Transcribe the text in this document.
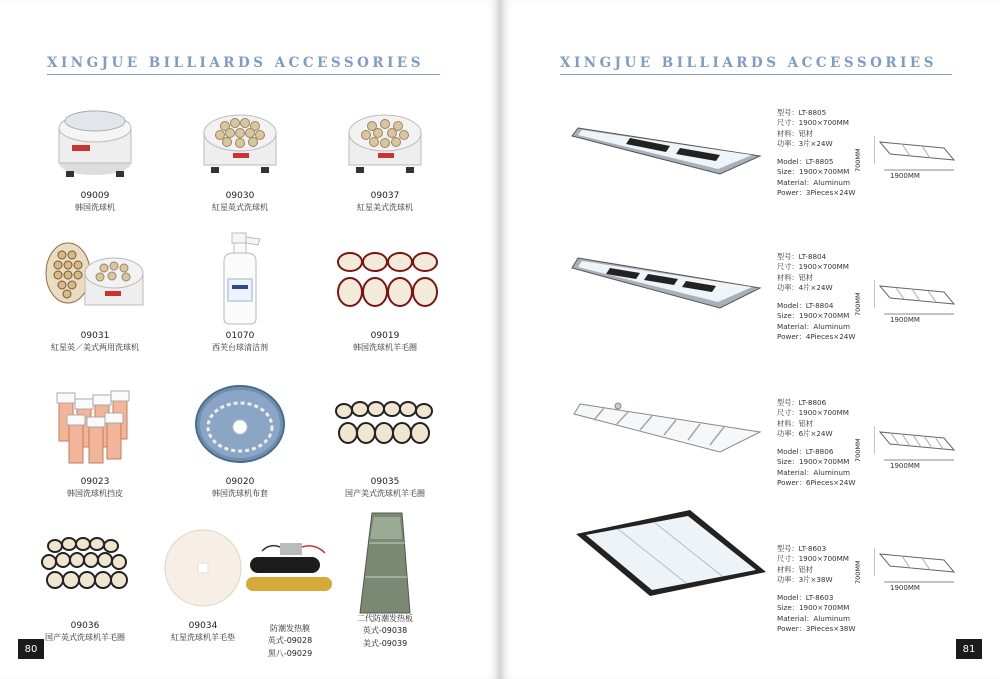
XINGJUE BILLIARDS ACCESSORIES
09009
韩国洗球机
09030
紅星英式洗球机
09037
紅星美式洗球机
09031
紅星英／美式两用洗球机
01070
西芙台球清洁剂
09019
韩国洗球机羊毛圈
09023
韩国洗球机挡皮
09020
韩国洗球机布套
09035
国产美式洗球机羊毛圈
09036
国产英式洗球机羊毛圈
09034
紅星洗球机羊毛垫
防潮发热膜
英式-09028
黑八-09029
二代防潮发热板
英式-09038
美式-09039
80
XINGJUE BILLIARDS ACCESSORIES
型号：LT-8805
尺寸：1900×700MM
材料：铝材
功率：3片×24W
Model：LT-8805
Size：1900×700MM
Material：Aluminum
Power：3Pieces×24W
700MM
1900MM
型号：LT-8804
尺寸：1900×700MM
材料：铝材
功率：4片×24W
Model：LT-8804
Size：1900×700MM
Material：Aluminum
Power：4Pieces×24W
700MM
1900MM
型号：LT-8806
尺寸：1900×700MM
材料：铝材
功率：6片×24W
Model：LT-8806
Size：1900×700MM
Material：Aluminum
Power：6Pieces×24W
700MM
1900MM
型号：LT-8603
尺寸：1900×700MM
材料：铝材
功率：3片×38W
Model：LT-8603
Size：1900×700MM
Material：Aluminum
Power：3Pieces×38W
700MM
1900MM
81
